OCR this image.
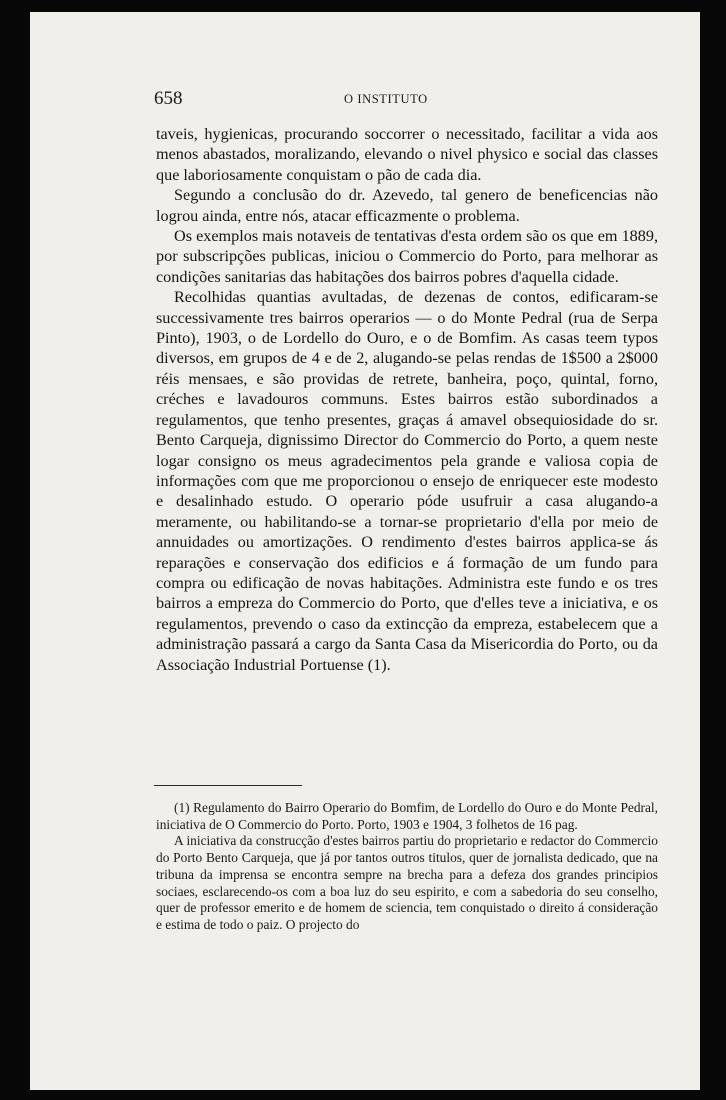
658	O INSTITUTO

taveis, hygienicas, procurando soccorrer o necessitado, facilitar a vida aos menos abastados, moralizando, elevando o nivel physico e social das classes que laboriosamente conquistam o pão de cada dia.

Segundo a conclusão do dr. Azevedo, tal genero de beneficencias não logrou ainda, entre nós, atacar efficazmente o problema.

Os exemplos mais notaveis de tentativas d'esta ordem são os que em 1889, por subscripções publicas, iniciou o Commercio do Porto, para melhorar as condições sanitarias das habitações dos bairros pobres d'aquella cidade.

Recolhidas quantias avultadas, de dezenas de contos, edificaram-se successivamente tres bairros operarios — o do Monte Pedral (rua de Serpa Pinto), 1903, o de Lordello do Ouro, e o de Bomfim. As casas teem typos diversos, em grupos de 4 e de 2, alugando-se pelas rendas de 1$500 a 2$000 réis mensaes, e são providas de retrete, banheira, poço, quintal, forno, créches e lavadouros communs. Estes bairros estão subordinados a regulamentos, que tenho presentes, graças á amavel obsequiosidade do sr. Bento Carqueja, dignissimo Director do Commercio do Porto, a quem neste logar consigno os meus agradecimentos pela grande e valiosa copia de informações com que me proporcionou o ensejo de enriquecer este modesto e desalinhado estudo. O operario póde usufruir a casa alugando-a meramente, ou habilitando-se a tornar-se proprietario d'ella por meio de annuidades ou amortizações. O rendimento d'estes bairros applica-se ás reparações e conservação dos edificios e á formação de um fundo para compra ou edificação de novas habitações. Administra este fundo e os tres bairros a empreza do Commercio do Porto, que d'elles teve a iniciativa, e os regulamentos, prevendo o caso da extincção da empreza, estabelecem que a administração passará a cargo da Santa Casa da Misericordia do Porto, ou da Associação Industrial Portuense (1).

(1) Regulamento do Bairro Operario do Bomfim, de Lordello do Ouro e do Monte Pedral, iniciativa de O Commercio do Porto. Porto, 1903 e 1904, 3 folhetos de 16 pag.

A iniciativa da construcção d'estes bairros partiu do proprietario e redactor do Commercio do Porto Bento Carqueja, que já por tantos outros titulos, quer de jornalista dedicado, que na tribuna da imprensa se encontra sempre na brecha para a defeza dos grandes principios sociaes, esclarecendo-os com a boa luz do seu espirito, e com a sabedoria do seu conselho, quer de professor emerito e de homem de sciencia, tem conquistado o direito á consideração e estima de todo o paiz. O projecto do
